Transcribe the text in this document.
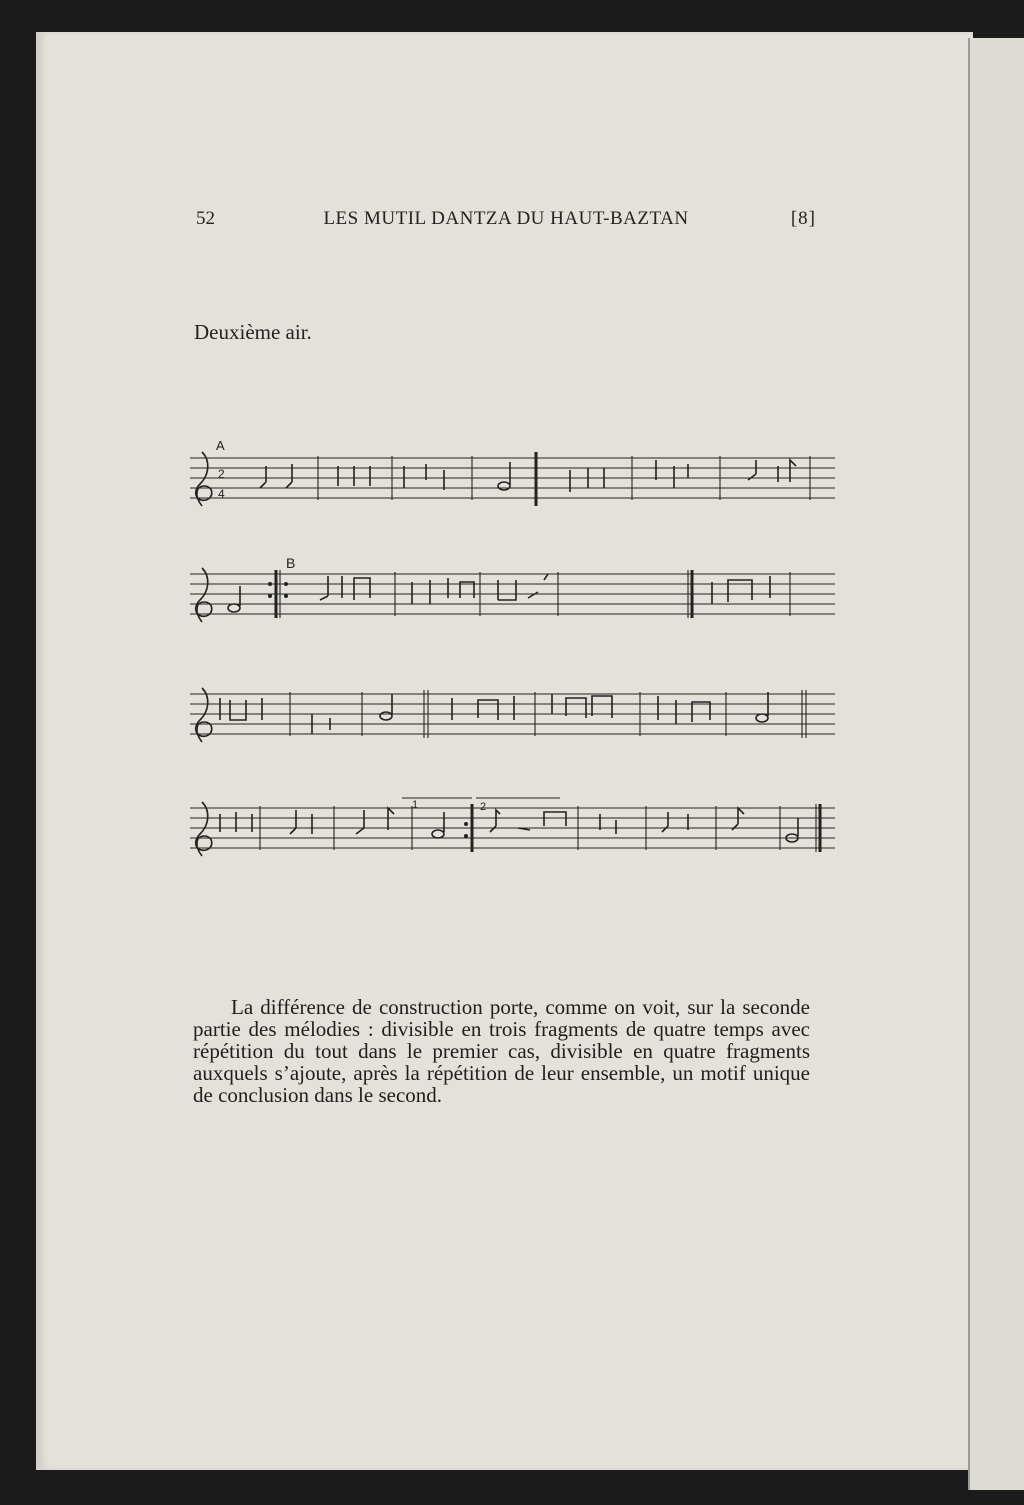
52	LES MUTIL DANTZA DU HAUT-BAZTAN	[8]
Deuxième air.
A
B
2
4
1	2

La différence de construction porte, comme on voit, sur la seconde partie des mélodies : divisible en trois fragments de quatre temps avec répétition du tout dans le premier cas, divisible en quatre fragments auxquels s’ajoute, après la répétition de leur ensemble, un motif unique de conclusion dans le second.
